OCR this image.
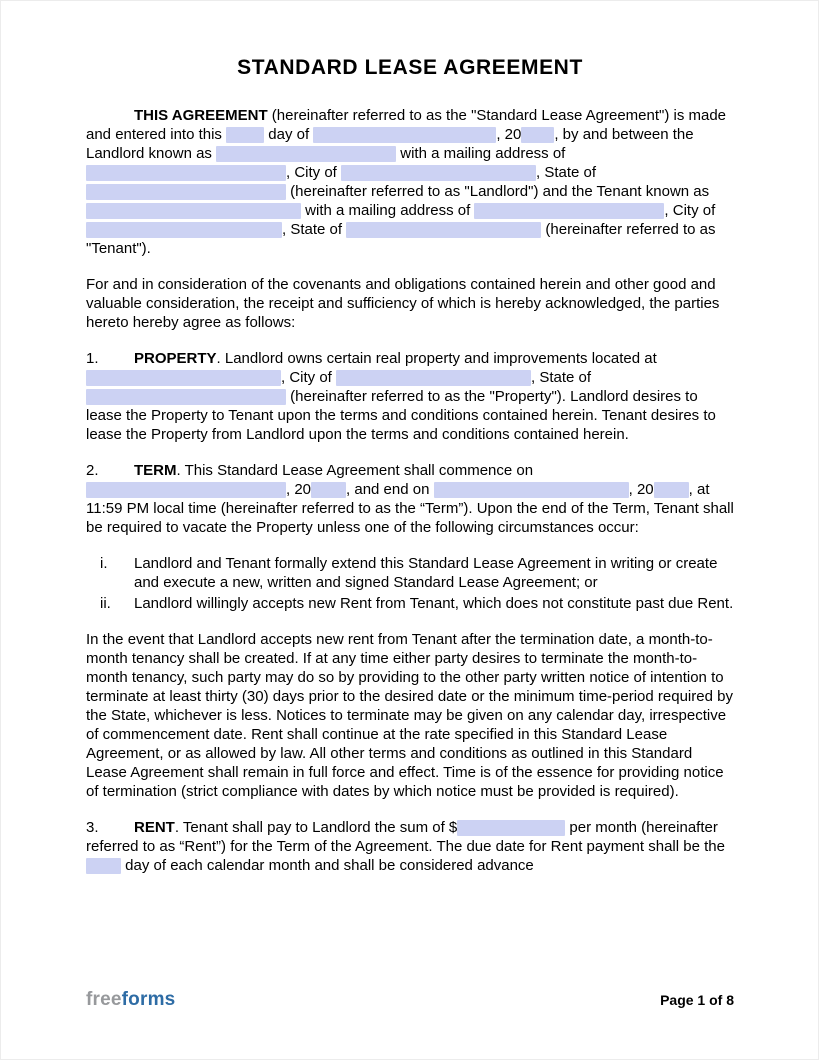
STANDARD LEASE AGREEMENT

THIS AGREEMENT (hereinafter referred to as the "Standard Lease Agreement") is made and entered into this	day of	, 20 , by and between the Landlord known as	with a mailing address of , City of	, State of  (hereinafter referred to as "Landlord") and the Tenant known as  with a mailing address of	, City of , State of	(hereinafter referred to as "Tenant").

For and in consideration of the covenants and obligations contained herein and other good and valuable consideration, the receipt and sufficiency of which is hereby acknowledged, the parties hereto hereby agree as follows:

1. PROPERTY. Landlord owns certain real property and improvements located at , City of	, State of  (hereinafter referred to as the "Property"). Landlord desires to lease the Property to Tenant upon the terms and conditions contained herein. Tenant desires to lease the Property from Landlord upon the terms and conditions contained herein.

2. TERM. This Standard Lease Agreement shall commence on , 20 , and end on	, 20 , at 11:59 PM local time (hereinafter referred to as the “Term”). Upon the end of the Term, Tenant shall be required to vacate the Property unless one of the following circumstances occur:

i. Landlord and Tenant formally extend this Standard Lease Agreement in writing or create and execute a new, written and signed Standard Lease Agreement; or

ii. Landlord willingly accepts new Rent from Tenant, which does not constitute past due Rent.

In the event that Landlord accepts new rent from Tenant after the termination date, a month-to-month tenancy shall be created. If at any time either party desires to terminate the month-to-month tenancy, such party may do so by providing to the other party written notice of intention to terminate at least thirty (30) days prior to the desired date or the minimum time-period required by the State, whichever is less. Notices to terminate may be given on any calendar day, irrespective of commencement date. Rent shall continue at the rate specified in this Standard Lease Agreement, or as allowed by law. All other terms and conditions as outlined in this Standard Lease Agreement shall remain in full force and effect. Time is of the essence for providing notice of termination (strict compliance with dates by which notice must be provided is required).

3. RENT. Tenant shall pay to Landlord the sum of $	per month (hereinafter referred to as “Rent”) for the Term of the Agreement. The due date for Rent payment shall be the  day of each calendar month and shall be considered advance

freeforms	Page 1 of 8
